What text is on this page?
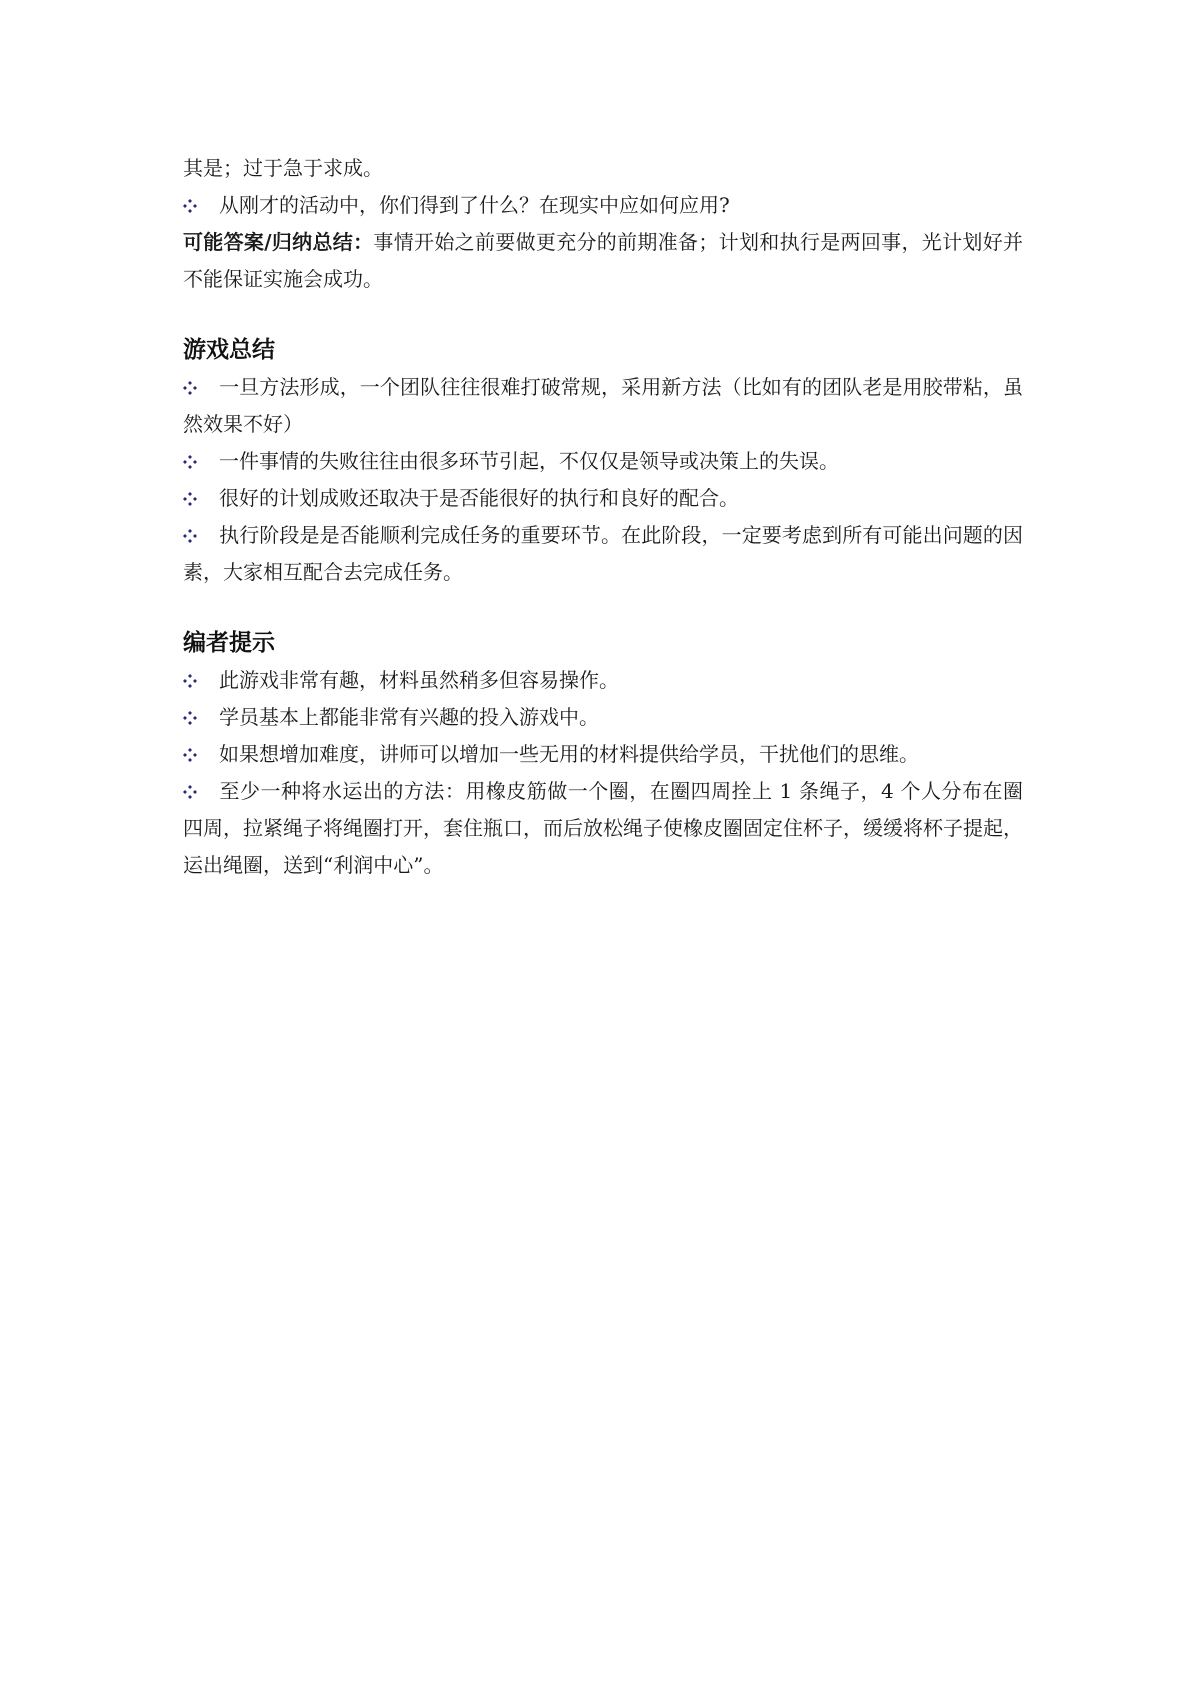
其是；过于急于求成。

从刚才的活动中，你们得到了什么？在现实中应如何应用?

可能答案/归纳总结：事情开始之前要做更充分的前期准备；计划和执行是两回事，光计划好并不能保证实施会成功。

游戏总结

一旦方法形成，一个团队往往很难打破常规，采用新方法（比如有的团队老是用胶带粘，虽然效果不好）

一件事情的失败往往由很多环节引起，不仅仅是领导或决策上的失误。

很好的计划成败还取决于是否能很好的执行和良好的配合。

执行阶段是是否能顺利完成任务的重要环节。在此阶段，一定要考虑到所有可能出问题的因素，大家相互配合去完成任务。

编者提示

此游戏非常有趣，材料虽然稍多但容易操作。

学员基本上都能非常有兴趣的投入游戏中。

如果想增加难度，讲师可以增加一些无用的材料提供给学员，干扰他们的思维。

至少一种将水运出的方法：用橡皮筋做一个圈，在圈四周拴上 1 条绳子，4 个人分布在圈四周，拉紧绳子将绳圈打开，套住瓶口，而后放松绳子使橡皮圈固定住杯子，缓缓将杯子提起，运出绳圈，送到“利润中心”。
